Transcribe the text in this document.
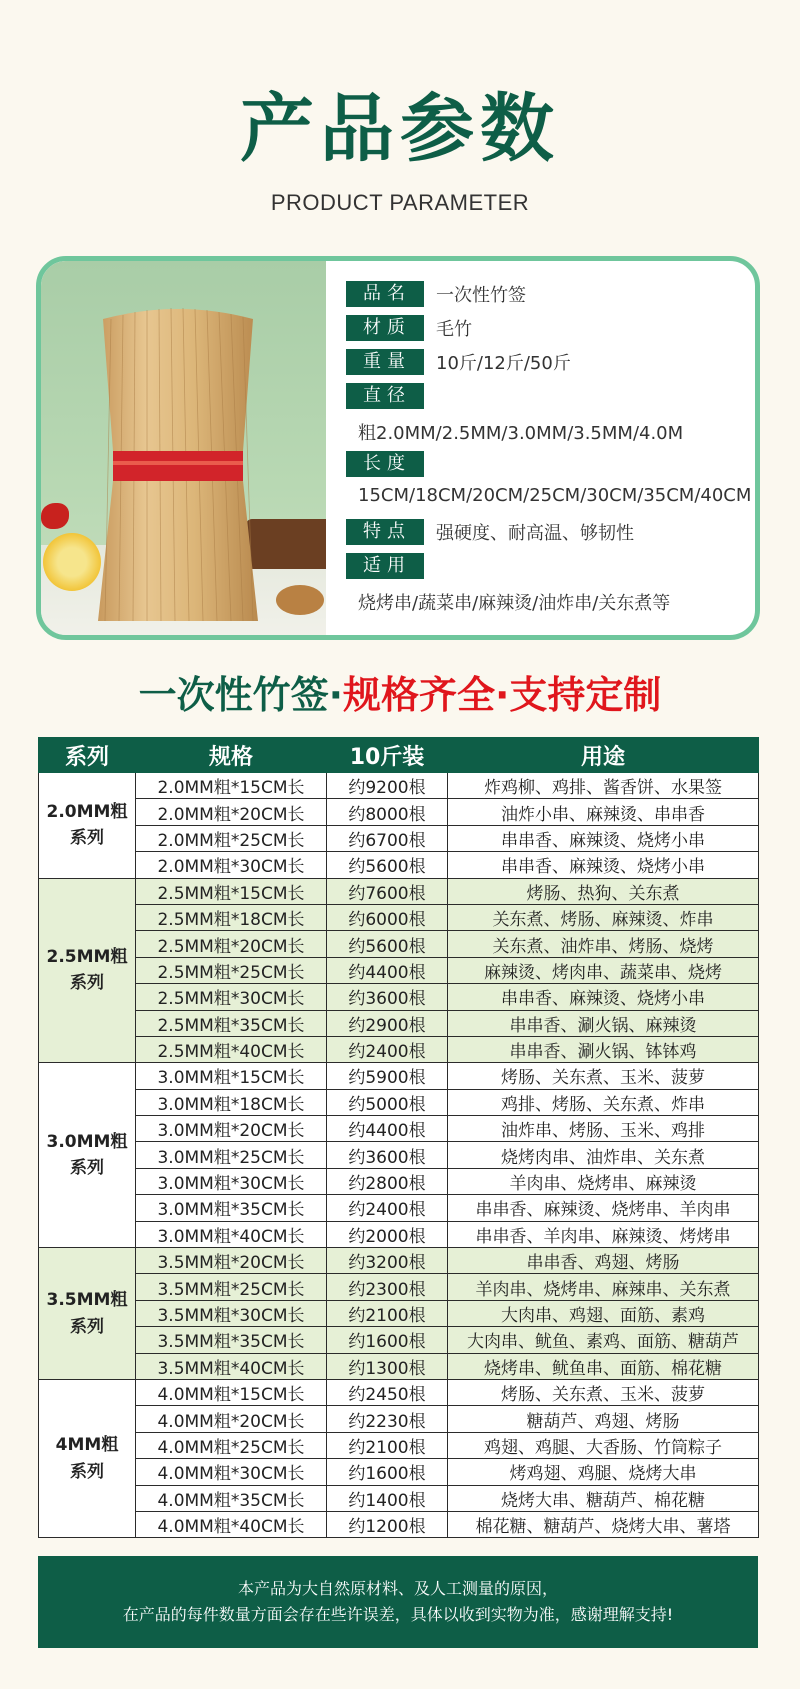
产品参数
PRODUCT PARAMETER
品名	一次性竹签
材质	毛竹
重量	10斤/12斤/50斤
直径
粗2.0MM/2.5MM/3.0MM/3.5MM/4.0M
长度
15CM/18CM/20CM/25CM/30CM/35CM/40CM
特点	强硬度、耐高温、够韧性
适用
烧烤串/蔬菜串/麻辣烫/油炸串/关东煮等
一次性竹签·规格齐全·支持定制
系列	规格	10斤装	用途
2.0MM粗
系列	2.0MM粗*15CM长	约9200根	炸鸡柳、鸡排、酱香饼、水果签
	2.0MM粗*20CM长	约8000根	油炸小串、麻辣烫、串串香
	2.0MM粗*25CM长	约6700根	串串香、麻辣烫、烧烤小串
	2.0MM粗*30CM长	约5600根	串串香、麻辣烫、烧烤小串
2.5MM粗
系列	2.5MM粗*15CM长	约7600根	烤肠、热狗、关东煮
	2.5MM粗*18CM长	约6000根	关东煮、烤肠、麻辣烫、炸串
	2.5MM粗*20CM长	约5600根	关东煮、油炸串、烤肠、烧烤
	2.5MM粗*25CM长	约4400根	麻辣烫、烤肉串、蔬菜串、烧烤
	2.5MM粗*30CM长	约3600根	串串香、麻辣烫、烧烤小串
	2.5MM粗*35CM长	约2900根	串串香、涮火锅、麻辣烫
	2.5MM粗*40CM长	约2400根	串串香、涮火锅、钵钵鸡
3.0MM粗
系列	3.0MM粗*15CM长	约5900根	烤肠、关东煮、玉米、菠萝
	3.0MM粗*18CM长	约5000根	鸡排、烤肠、关东煮、炸串
	3.0MM粗*20CM长	约4400根	油炸串、烤肠、玉米、鸡排
	3.0MM粗*25CM长	约3600根	烧烤肉串、油炸串、关东煮
	3.0MM粗*30CM长	约2800根	羊肉串、烧烤串、麻辣烫
	3.0MM粗*35CM长	约2400根	串串香、麻辣烫、烧烤串、羊肉串
	3.0MM粗*40CM长	约2000根	串串香、羊肉串、麻辣烫、烤烤串
3.5MM粗
系列	3.5MM粗*20CM长	约3200根	串串香、鸡翅、烤肠
	3.5MM粗*25CM长	约2300根	羊肉串、烧烤串、麻辣串、关东煮
	3.5MM粗*30CM长	约2100根	大肉串、鸡翅、面筋、素鸡
	3.5MM粗*35CM长	约1600根	大肉串、鱿鱼、素鸡、面筋、糖葫芦
	3.5MM粗*40CM长	约1300根	烧烤串、鱿鱼串、面筋、棉花糖
4MM粗
系列	4.0MM粗*15CM长	约2450根	烤肠、关东煮、玉米、菠萝
	4.0MM粗*20CM长	约2230根	糖葫芦、鸡翅、烤肠
	4.0MM粗*25CM长	约2100根	鸡翅、鸡腿、大香肠、竹筒粽子
	4.0MM粗*30CM长	约1600根	烤鸡翅、鸡腿、烧烤大串
	4.0MM粗*35CM长	约1400根	烧烤大串、糖葫芦、棉花糖
	4.0MM粗*40CM长	约1200根	棉花糖、糖葫芦、烧烤大串、薯塔
本产品为大自然原材料、及人工测量的原因，
在产品的每件数量方面会存在些许误差，具体以收到实物为准，感谢理解支持!
